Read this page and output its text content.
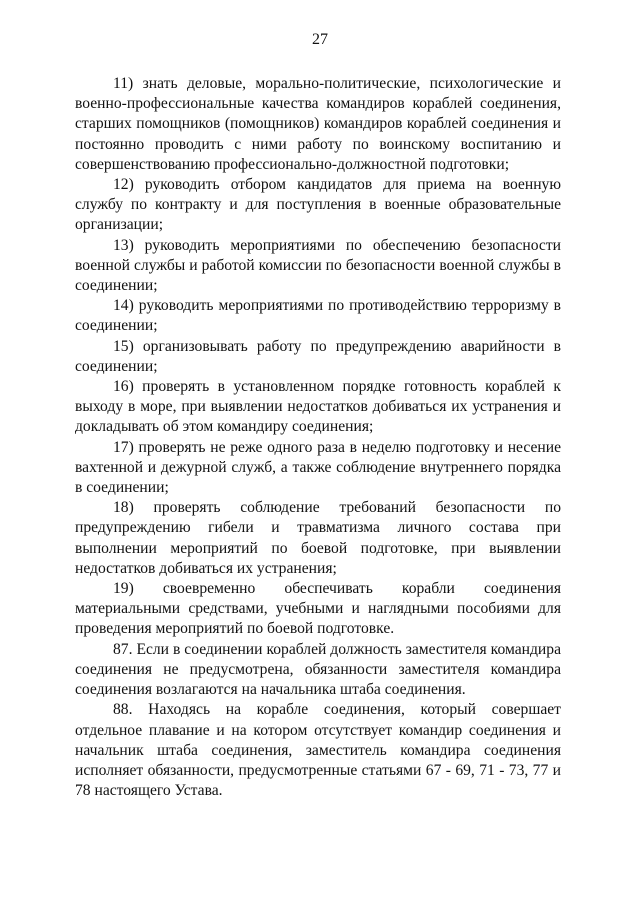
27

11) знать деловые, морально-политические, психологические и военно-профессиональные качества командиров кораблей соединения, старших помощников (помощников) командиров кораблей соединения и постоянно проводить с ними работу по воинскому воспитанию и совершенствованию профессионально-должностной подготовки;

12) руководить отбором кандидатов для приема на военную службу по контракту и для поступления в военные образовательные организации;

13) руководить мероприятиями по обеспечению безопасности военной службы и работой комиссии по безопасности военной службы в соединении;

14) руководить мероприятиями по противодействию терроризму в соединении;

15) организовывать работу по предупреждению аварийности в соединении;

16) проверять в установленном порядке готовность кораблей к выходу в море, при выявлении недостатков добиваться их устранения и докладывать об этом командиру соединения;

17) проверять не реже одного раза в неделю подготовку и несение вахтенной и дежурной служб, а также соблюдение внутреннего порядка в соединении;

18) проверять соблюдение требований безопасности по предупреждению гибели и травматизма личного состава при выполнении мероприятий по боевой подготовке, при выявлении недостатков добиваться их устранения;

19) своевременно обеспечивать корабли соединения материальными средствами, учебными и наглядными пособиями для проведения мероприятий по боевой подготовке.

87. Если в соединении кораблей должность заместителя командира соединения не предусмотрена, обязанности заместителя командира соединения возлагаются на начальника штаба соединения.

88. Находясь на корабле соединения, который совершает отдельное плавание и на котором отсутствует командир соединения и начальник штаба соединения, заместитель командира соединения исполняет обязанности, предусмотренные статьями 67 - 69, 71 - 73, 77 и 78 настоящего Устава.
